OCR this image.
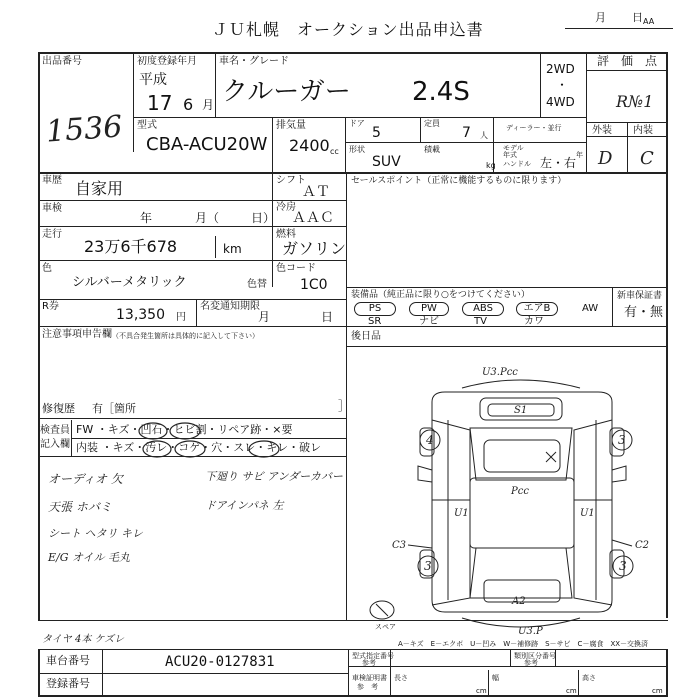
ＪＵ札幌　オークション出品申込書
月 日 AA
出品番号
1536
初度登録年月
平成
17 6 月
車名・グレード
クルーガー 2.4S
2WD
・
4WD
評　価　点
R№1
型式
CBA-ACU20W
排気量
2400 cc
ドア
5
定員
7 人
ディーラー・並行
形状
SUV
積載
kg
モデル
年式	年
ハンドル 左・右
外装 内装
D C
車歴 自家用	シフト
ＡＴ
セールスポイント（正常に機能するものに限ります）
車検
年	月（	日）
冷房
ＡＡＣ
走行
23万6千678	km
燃料
ガソリン
色
シルバーメタリック
色コード
色替 1C0
R券
13,350 円
名変通知期限
月	日
装備品（純正品に限り○をつけてください）
PS	PW	ABS	エアB	AW
SR	ナビ	TV	カワ
新車保証書
有・無
注意事項申告欄 （不具合発生箇所は具体的に記入して下さい）	後日品
修復歴 有［箇所	］
検査員
記入欄
FW ・キズ・凹石・ヒビ割・リペア跡・×要
内装 ・キズ・汚レ・コゲ・穴・スレ・キレ・破レ
オーディオ 欠
天張 ホバミ
シート ヘタリ キレ
E/G オイル 毛丸
下廻り サビ アンダーカバー
ドアインパネ 左
タイヤ 4本 ケズレ
U3.Pcc
S1
Pcc
U1	U1
C3	C2
A2
U3.P
4	3
3	3
スペア
A－キズ　E－エクボ　U－凹み　W－補修跡　S－サビ　C－腐食　XX－交換済
車台番号	ACU20-0127831
登録番号
型式指定番号
参考
類別区分番号
参考
車検証明書
参　考
長さ
cm
幅
cm
高さ
cm
